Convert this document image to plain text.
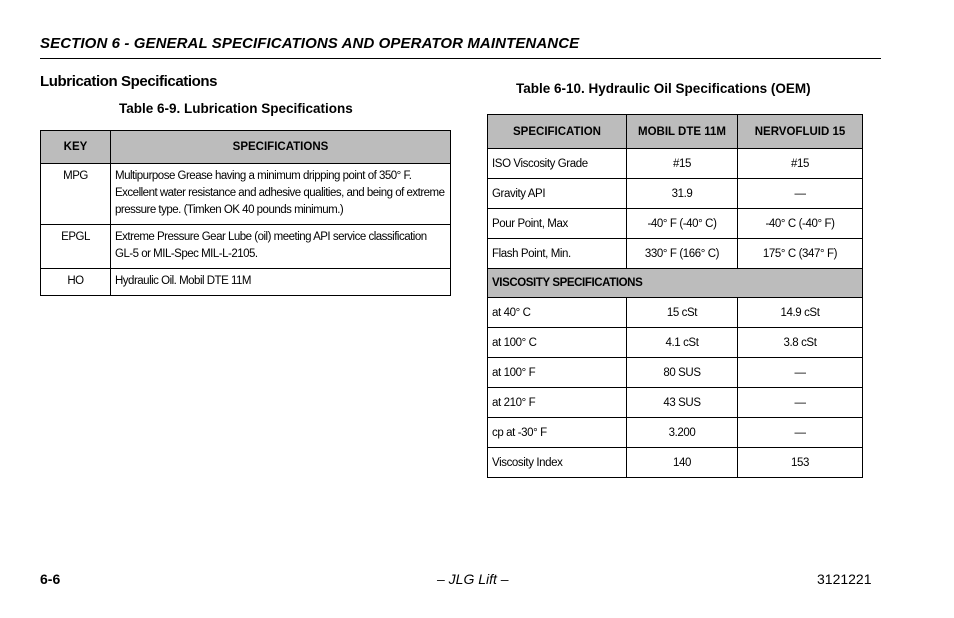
SECTION 6 - GENERAL SPECIFICATIONS AND OPERATOR MAINTENANCE
Lubrication Specifications
Table 6-9. Lubrication Specifications
KEY	SPECIFICATIONS
MPG	Multipurpose Grease having a minimum dripping point of 350° F. Excellent water resistance and adhesive qualities, and being of extreme pressure type. (Timken OK 40 pounds minimum.)
EPGL	Extreme Pressure Gear Lube (oil) meeting API service classification GL-5 or MIL-Spec MIL-L-2105.
HO	Hydraulic Oil. Mobil DTE 11M
Table 6-10. Hydraulic Oil Specifications (OEM)
SPECIFICATION	MOBIL DTE 11M	NERVOFLUID 15
ISO Viscosity Grade	#15	#15
Gravity API	31.9	—
Pour Point, Max	-40° F (-40° C)	-40° C (-40° F)
Flash Point, Min.	330° F (166° C)	175° C (347° F)
VISCOSITY SPECIFICATIONS		
at 40° C	15 cSt	14.9 cSt
at 100° C	4.1 cSt	3.8 cSt
at 100° F	80 SUS	—
at 210° F	43 SUS	—
cp at -30° F	3.200	—
Viscosity Index	140	153
6-6	– JLG Lift –	3121221
